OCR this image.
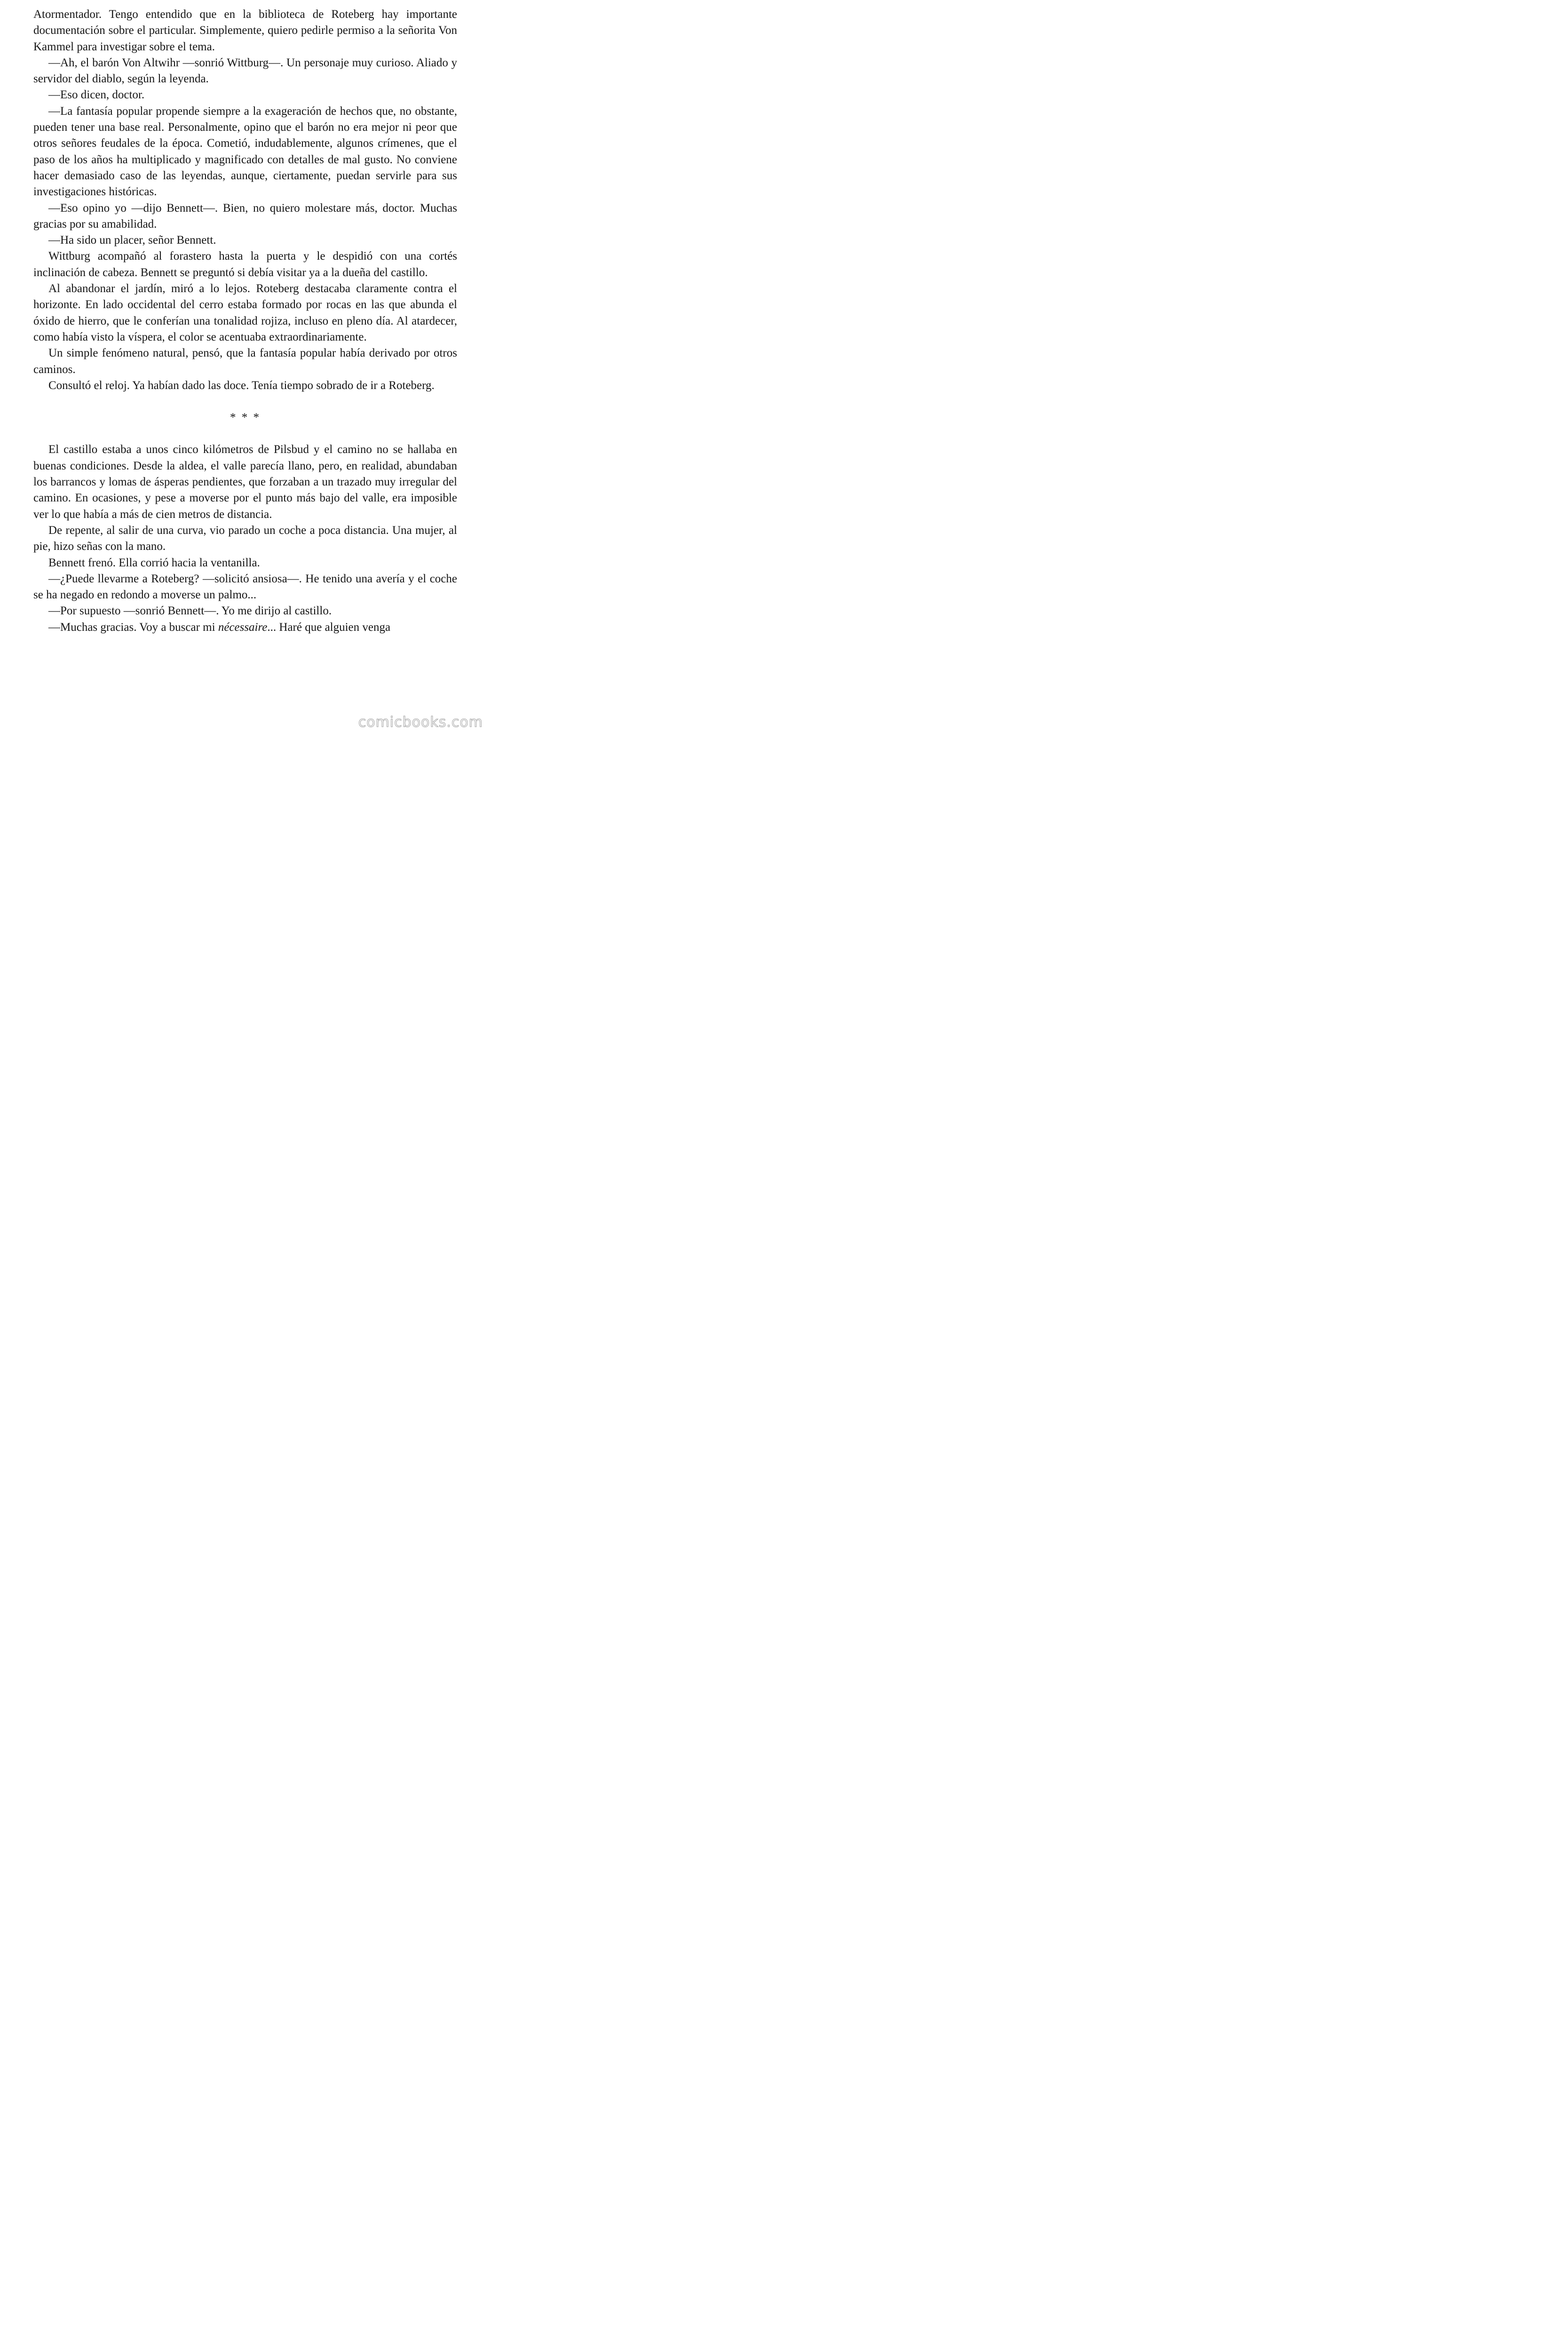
Atormentador. Tengo entendido que en la biblioteca de Roteberg hay importante documentación sobre el particular. Simplemente, quiero pedirle permiso a la señorita Von Kammel para investigar sobre el tema.

—Ah, el barón Von Altwihr —sonrió Wittburg—. Un personaje muy curioso. Aliado y servidor del diablo, según la leyenda.

—Eso dicen, doctor.

—La fantasía popular propende siempre a la exageración de hechos que, no obstante, pueden tener una base real. Personalmente, opino que el barón no era mejor ni peor que otros señores feudales de la época. Cometió, indudablemente, algunos crímenes, que el paso de los años ha multiplicado y magnificado con detalles de mal gusto. No conviene hacer demasiado caso de las leyendas, aunque, ciertamente, puedan servirle para sus investigaciones históricas.

—Eso opino yo —dijo Bennett—. Bien, no quiero molestare más, doctor. Muchas gracias por su amabilidad.

—Ha sido un placer, señor Bennett.

Wittburg acompañó al forastero hasta la puerta y le despidió con una cortés inclinación de cabeza. Bennett se preguntó si debía visitar ya a la dueña del castillo.

Al abandonar el jardín, miró a lo lejos. Roteberg destacaba claramente contra el horizonte. En lado occidental del cerro estaba formado por rocas en las que abunda el óxido de hierro, que le conferían una tonalidad rojiza, incluso en pleno día. Al atardecer, como había visto la víspera, el color se acentuaba extraordinariamente.

Un simple fenómeno natural, pensó, que la fantasía popular había derivado por otros caminos.

Consultó el reloj. Ya habían dado las doce. Tenía tiempo sobrado de ir a Roteberg.

* * *

El castillo estaba a unos cinco kilómetros de Pilsbud y el camino no se hallaba en buenas condiciones. Desde la aldea, el valle parecía llano, pero, en realidad, abundaban los barrancos y lomas de ásperas pendientes, que forzaban a un trazado muy irregular del camino. En ocasiones, y pese a moverse por el punto más bajo del valle, era imposible ver lo que había a más de cien metros de distancia.

De repente, al salir de una curva, vio parado un coche a poca distancia. Una mujer, al pie, hizo señas con la mano.

Bennett frenó. Ella corrió hacia la ventanilla.

—¿Puede llevarme a Roteberg? —solicitó ansiosa—. He tenido una avería y el coche se ha negado en redondo a moverse un palmo...

—Por supuesto —sonrió Bennett—. Yo me dirijo al castillo.

—Muchas gracias. Voy a buscar mi nécessaire... Haré que alguien venga

comicbooks.com
